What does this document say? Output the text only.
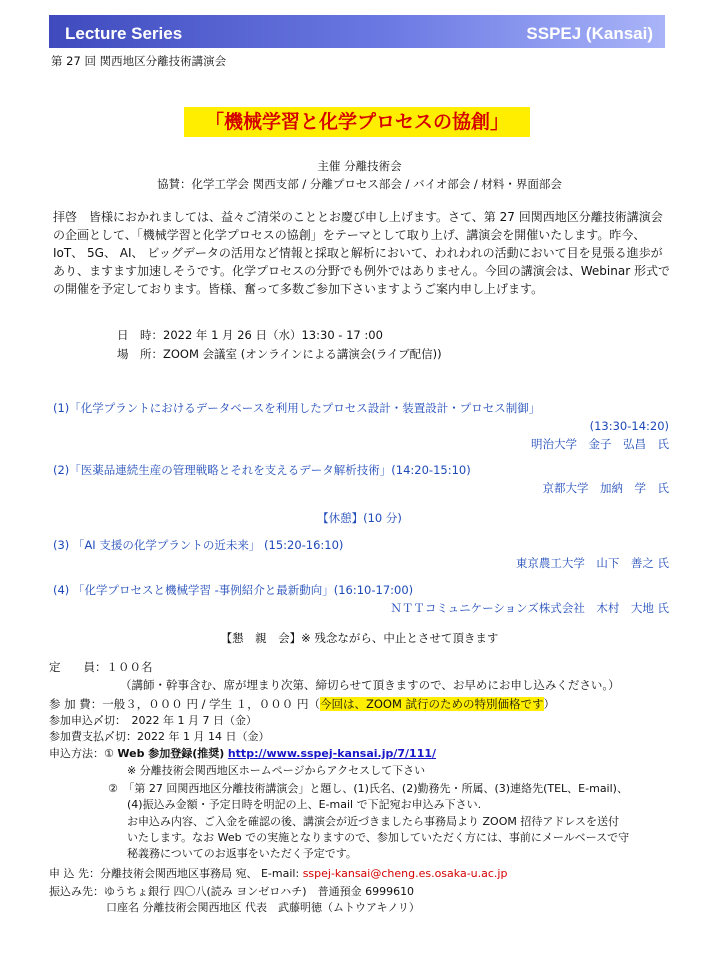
Lecture Series	SSPEJ (Kansai)
第 27 回 関西地区分離技術講演会
「機械学習と化学プロセスの協創」
主催 分離技術会
協賛：化学工学会 関西支部 / 分離プロセス部会 / バイオ部会 / 材料・界面部会
拝啓　皆様におかれましては、益々ご清栄のこととお慶び申し上げます。さて、第 27 回関西地区分離技術講演会の企画として、「機械学習と化学プロセスの協創」をテーマとして取り上げ、講演会を開催いたします。昨今、IoT、 5G、 AI、 ビッグデータの活用など情報と採取と解析において、われわれの活動において目を見張る進歩があり、ますます加速しそうです。化学プロセスの分野でも例外ではありません。今回の講演会は、Webinar 形式での開催を予定しております。皆様、奮って多数ご参加下さいますようご案内申し上げます。
日　時：2022 年 1 月 26 日（水）13:30 - 17 :00
場　所：ZOOM 会議室 (オンラインによる講演会(ライブ配信))
(1)「化学プラントにおけるデータベースを利用したプロセス設計・装置設計・プロセス制御」
(13:30-14:20)
明治大学　金子　弘昌　氏
(2)「医薬品連続生産の管理戦略とそれを支えるデータ解析技術」(14:20-15:10)
京都大学　加納　学　氏
【休憩】(10 分)
(3) 「AI 支援の化学プラントの近未来」 (15:20-16:10)
東京農工大学　山下　善之 氏
(4) 「化学プロセスと機械学習 -事例紹介と最新動向」(16:10-17:00)
ＮＴＴコミュニケーションズ株式会社　木村　大地 氏
【懇　親　会】※ 残念ながら、中止とさせて頂きます
定　　員：１００名
（講師・幹事含む、席が埋まり次第、締切らせて頂きますので、お早めにお申し込みください。）
参 加 費：一般３，０００ 円 / 学生 １，０００ 円（今回は、ZOOM 試行のための特別価格です）
参加申込〆切：　2022 年 1 月 7 日（金）
参加費支払〆切：2022 年 1 月 14 日（金）
申込方法：① Web 参加登録(推奨) http://www.sspej-kansai.jp/7/111/
※ 分離技術会関西地区ホームページからアクセスして下さい
②　「第 27 回関西地区分離技術講演会」と題し、(1)氏名、(2)勤務先・所属、(3)連絡先(TEL、E-mail)、
(4)振込み金額・予定日時を明記の上、E-mail で下記宛お申込み下さい.
お申込み内容、ご入金を確認の後、講演会が近づきましたら事務局より ZOOM 招待アドレスを送付
いたします。なお Web での実施となりますので、参加していただく方には、事前にメールベースで守
秘義務についてのお返事をいただく予定です。
申 込 先：分離技術会関西地区事務局 宛、 E-mail: sspej-kansai@cheng.es.osaka-u.ac.jp
振込み先：ゆうちょ銀行 四〇八(読み ヨンゼロハチ)　普通預金 6999610
口座名 分離技術会関西地区 代表　武藤明徳（ムトウアキノリ）
